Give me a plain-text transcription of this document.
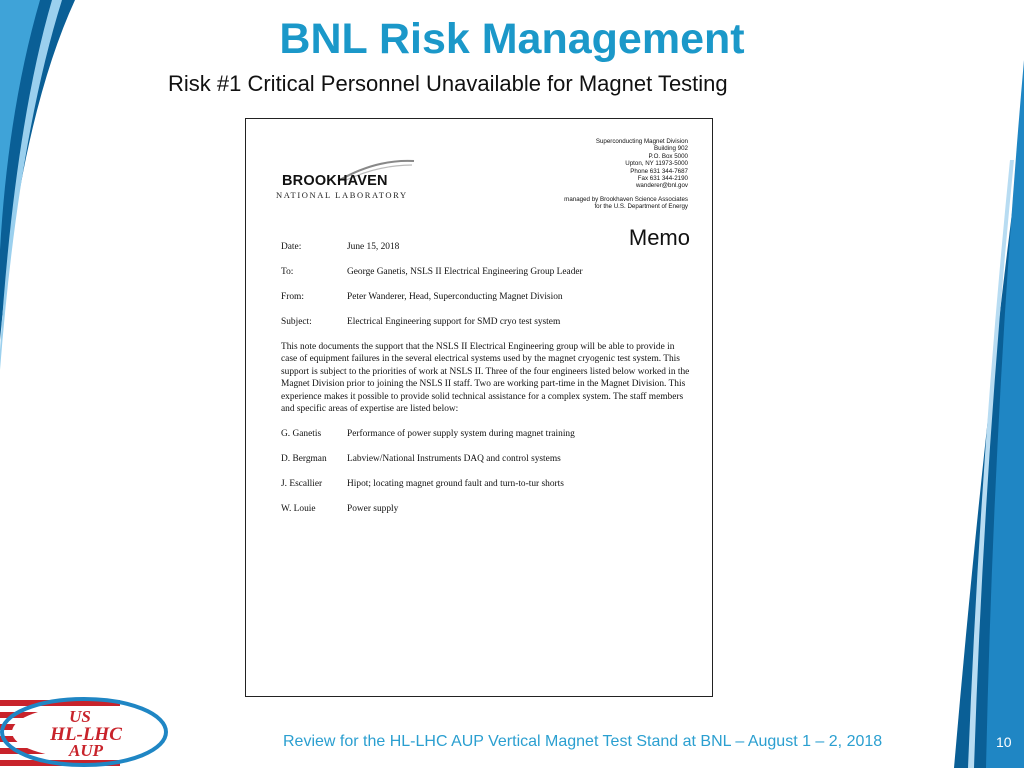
BNL Risk Management
Risk #1 Critical Personnel Unavailable for Magnet Testing
BROOKHAVEN
NATIONAL LABORATORY
Superconducting Magnet Division
Building 902
P.O. Box 5000
Upton, NY 11973-5000
Phone 631 344-7687
Fax 631 344-2190
wanderer@bnl.gov
managed by Brookhaven Science Associates
for the U.S. Department of Energy
Memo
Date:	June 15, 2018
To:	George Ganetis, NSLS II Electrical Engineering Group Leader
From:	Peter Wanderer, Head, Superconducting Magnet Division
Subject:	Electrical Engineering support for SMD cryo test system

This note documents the support that the NSLS II Electrical Engineering group will be able to provide in case of equipment failures in the several electrical systems used by the magnet cryogenic test system. This support is subject to the priorities of work at NSLS II. Three of the four engineers listed below worked in the Magnet Division prior to joining the NSLS II staff. Two are working part-time in the Magnet Division. This experience makes it possible to provide solid technical assistance for a complex system. The staff members and specific areas of expertise are listed below:

G. Ganetis	Performance of power supply system during magnet training
D. Bergman	Labview/National Instruments DAQ and control systems
J. Escallier	Hipot; locating magnet ground fault and turn-to-tur shorts
W. Louie	Power supply
US
HL-LHC
AUP	Review for the HL-LHC AUP Vertical Magnet Test Stand at BNL – August 1 – 2, 2018	10
